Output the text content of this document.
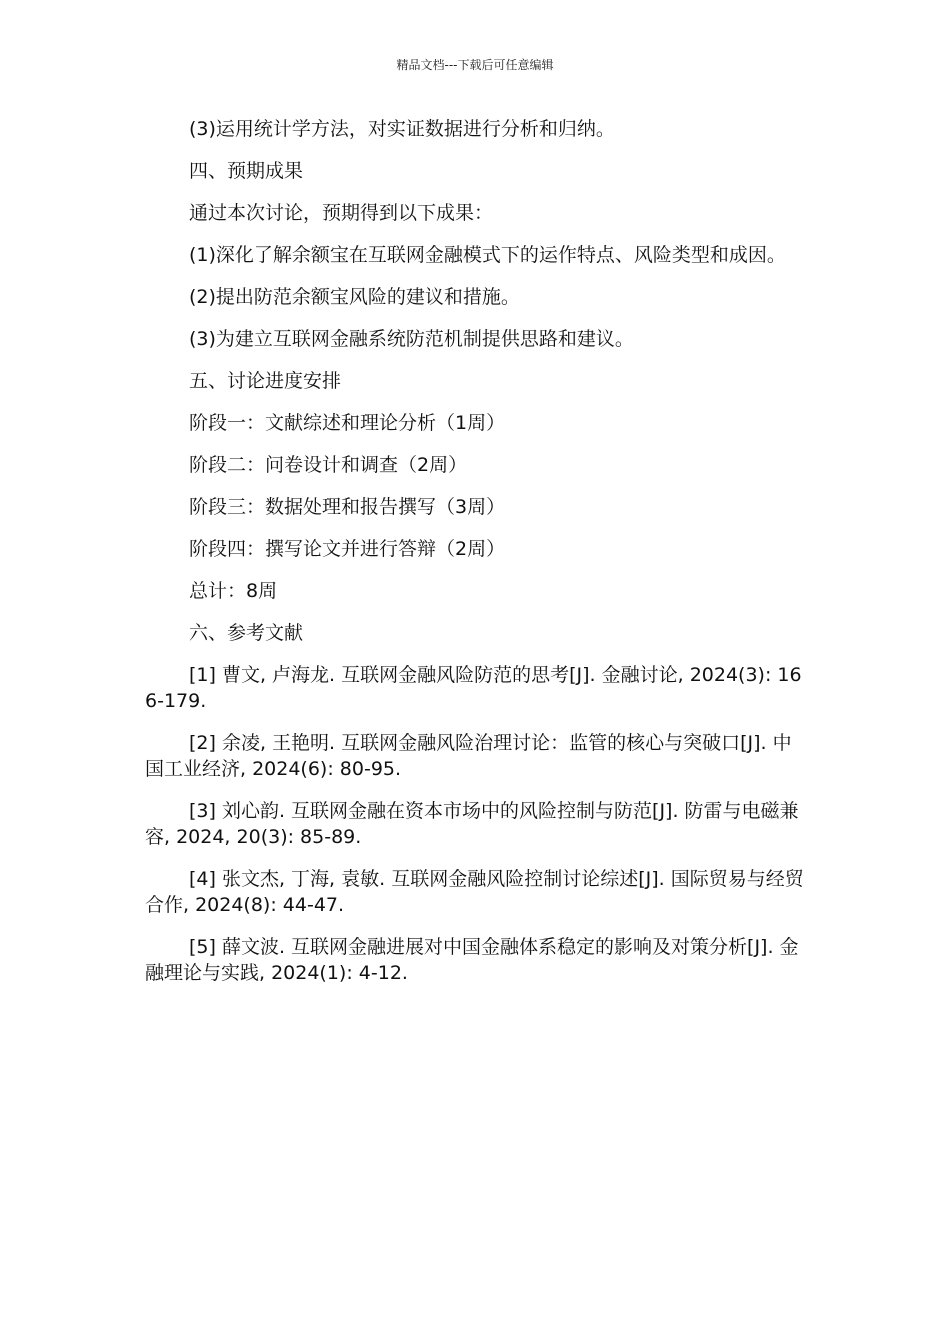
精品文档---下载后可任意编辑

(3)运用统计学方法，对实证数据进行分析和归纳。

四、预期成果

通过本次讨论，预期得到以下成果：

(1)深化了解余额宝在互联网金融模式下的运作特点、风险类型和成因。

(2)提出防范余额宝风险的建议和措施。

(3)为建立互联网金融系统防范机制提供思路和建议。

五、讨论进度安排

阶段一：文献综述和理论分析（1周）

阶段二：问卷设计和调查（2周）

阶段三：数据处理和报告撰写（3周）

阶段四：撰写论文并进行答辩（2周）

总计：8周

六、参考文献

[1] 曹文, 卢海龙. 互联网金融风险防范的思考[J]. 金融讨论, 2024(3): 166-179.

[2] 余凌, 王艳明. 互联网金融风险治理讨论：监管的核心与突破口[J]. 中国工业经济, 2024(6): 80-95.

[3] 刘心韵. 互联网金融在资本市场中的风险控制与防范[J]. 防雷与电磁兼容, 2024, 20(3): 85-89.

[4] 张文杰, 丁海, 袁敏. 互联网金融风险控制讨论综述[J]. 国际贸易与经贸合作, 2024(8): 44-47.

[5] 薛文波. 互联网金融进展对中国金融体系稳定的影响及对策分析[J]. 金融理论与实践, 2024(1): 4-12.
